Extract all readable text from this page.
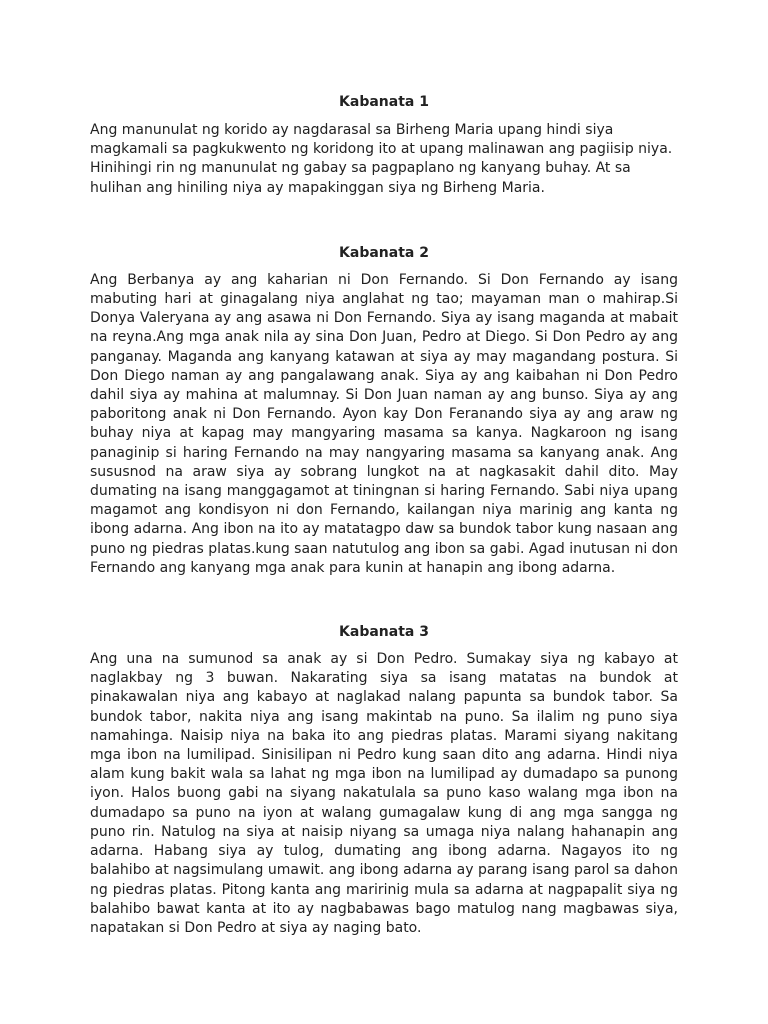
Kabanata 1

Ang manunulat ng korido ay nagdarasal sa Birheng Maria upang hindi siya magkamali sa pagkukwento ng koridong ito at upang malinawan ang pagiisip niya. Hinihingi rin ng manunulat ng gabay sa pagpaplano ng kanyang buhay. At sa hulihan ang hiniling niya ay mapakinggan siya ng Birheng Maria.

Kabanata 2

Ang Berbanya ay ang kaharian ni Don Fernando. Si Don Fernando ay isang mabuting hari at ginagalang niya anglahat ng tao; mayaman man o mahirap.Si Donya Valeryana ay ang asawa ni Don Fernando. Siya ay isang maganda at mabait na reyna.Ang mga anak nila ay sina Don Juan, Pedro at Diego. Si Don Pedro ay ang panganay. Maganda ang kanyang katawan at siya ay may magandang postura. Si Don Diego naman ay ang pangalawang anak. Siya ay ang kaibahan ni Don Pedro dahil siya ay mahina at malumnay. Si Don Juan naman ay ang bunso. Siya ay ang paboritong anak ni Don Fernando. Ayon kay Don Feranando siya ay ang araw ng buhay niya at kapag may mangyaring masama sa kanya. Nagkaroon ng isang panaginip si haring Fernando na may nangyaring masama sa kanyang anak. Ang sususnod na araw siya ay sobrang lungkot na at nagkasakit dahil dito. May dumating na isang manggagamot at tiningnan si haring Fernando. Sabi niya upang magamot ang kondisyon ni don Fernando, kailangan niya marinig ang kanta ng ibong adarna. Ang ibon na ito ay matatagpo daw sa bundok tabor kung nasaan ang puno ng piedras platas.kung saan natutulog ang ibon sa gabi. Agad inutusan ni don Fernando ang kanyang mga anak para kunin at hanapin ang ibong adarna.

Kabanata 3

Ang una na sumunod sa anak ay si Don Pedro. Sumakay siya ng kabayo at naglakbay ng 3 buwan. Nakarating siya sa isang matatas na bundok at pinakawalan niya ang kabayo at naglakad nalang papunta sa bundok tabor. Sa bundok tabor, nakita niya ang isang makintab na puno. Sa ilalim ng puno siya namahinga. Naisip niya na baka ito ang piedras platas. Marami siyang nakitang mga ibon na lumilipad. Sinisilipan ni Pedro kung saan dito ang adarna. Hindi niya alam kung bakit wala sa lahat ng mga ibon na lumilipad ay dumadapo sa punong iyon. Halos buong gabi na siyang nakatulala sa puno kaso walang mga ibon na dumadapo sa puno na iyon at walang gumagalaw kung di ang mga sangga ng puno rin. Natulog na siya at naisip niyang sa umaga niya nalang hahanapin ang adarna. Habang siya ay tulog, dumating ang ibong adarna. Nagayos ito ng balahibo at nagsimulang umawit. ang ibong adarna ay parang isang parol sa dahon ng piedras platas. Pitong kanta ang maririnig mula sa adarna at nagpapalit siya ng balahibo bawat kanta at ito ay nagbabawas bago matulog nang magbawas siya, napatakan si Don Pedro at siya ay naging bato.
